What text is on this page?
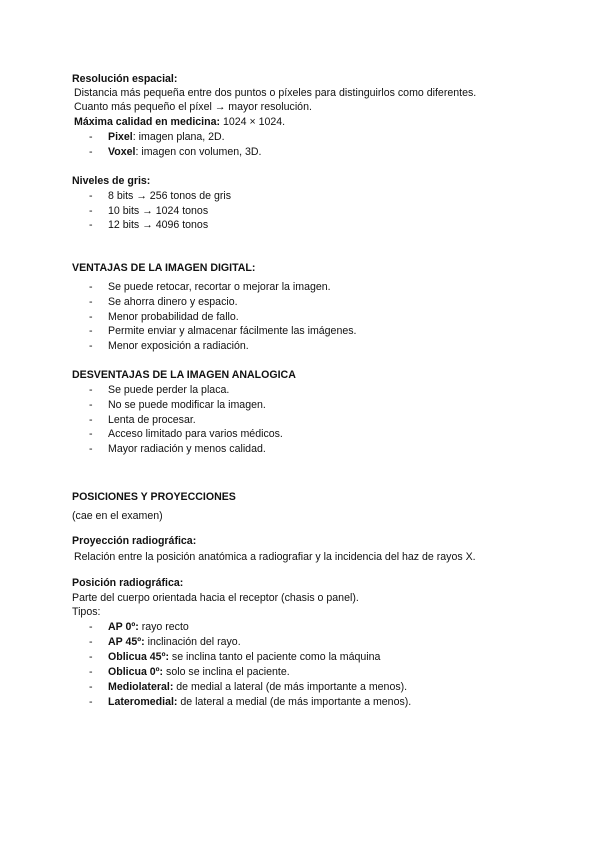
Resolución espacial:
Distancia más pequeña entre dos puntos o píxeles para distinguirlos como diferentes.
Cuanto más pequeño el píxel → mayor resolución.
Máxima calidad en medicina: 1024 × 1024.
- Pixel: imagen plana, 2D.
- Voxel: imagen con volumen, 3D.
Niveles de gris:
- 8 bits → 256 tonos de gris
- 10 bits → 1024 tonos
- 12 bits → 4096 tonos
VENTAJAS DE LA IMAGEN DIGITAL:
- Se puede retocar, recortar o mejorar la imagen.
- Se ahorra dinero y espacio.
- Menor probabilidad de fallo.
- Permite enviar y almacenar fácilmente las imágenes.
- Menor exposición a radiación.
DESVENTAJAS DE LA IMAGEN ANALOGICA
- Se puede perder la placa.
- No se puede modificar la imagen.
- Lenta de procesar.
- Acceso limitado para varios médicos.
- Mayor radiación y menos calidad.
POSICIONES Y PROYECCIONES
(cae en el examen)
Proyección radiográfica:
Relación entre la posición anatómica a radiografiar y la incidencia del haz de rayos X.
Posición radiográfica:
Parte del cuerpo orientada hacia el receptor (chasis o panel).
Tipos:
- AP 0º: rayo recto
- AP 45º: inclinación del rayo.
- Oblicua 45º: se inclina tanto el paciente como la máquina
- Oblicua 0º: solo se inclina el paciente.
- Mediolateral: de medial a lateral (de más importante a menos).
- Lateromedial: de lateral a medial (de más importante a menos).
